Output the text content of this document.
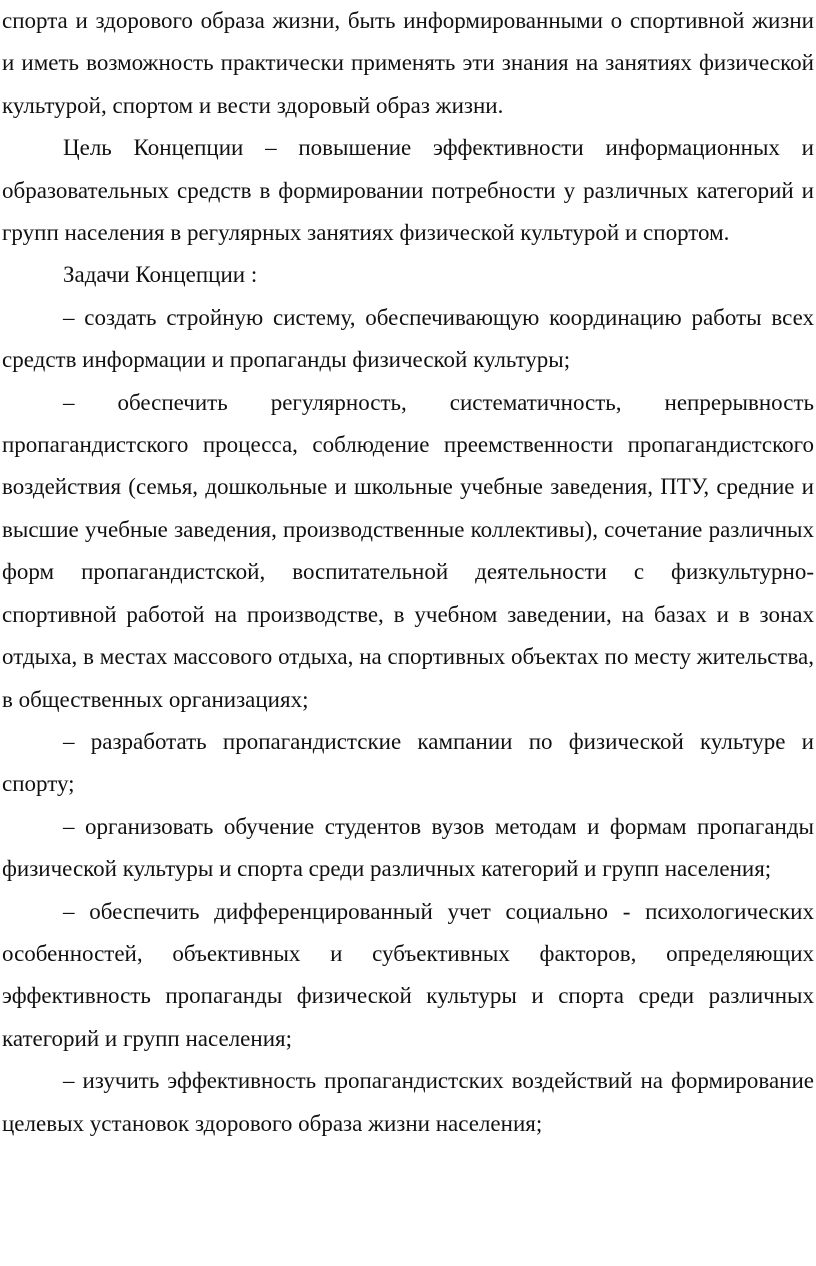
спорта и здорового образа жизни, быть информированными о спортивной жизни и иметь возможность практически применять эти знания на занятиях физической культурой, спортом и вести здоровый образ жизни.

Цель Концепции – повышение эффективности информационных и образовательных средств в формировании потребности у различных категорий и групп населения в регулярных занятиях физической культурой и спортом.

Задачи Концепции :

– создать стройную систему, обеспечивающую координацию работы всех средств информации и пропаганды физической культуры;

– обеспечить регулярность, систематичность, непрерывность пропагандистского процесса, соблюдение преемственности пропагандистского воздействия (семья, дошкольные и школьные учебные заведения, ПТУ, средние и высшие учебные заведения, производственные коллективы), сочетание различных форм пропагандистской, воспитательной деятельности с физкультурно-спортивной работой на производстве, в учебном заведении, на базах и в зонах отдыха, в местах массового отдыха, на спортивных объектах по месту жительства, в общественных организациях;

– разработать пропагандистские кампании по физической культуре и спорту;

– организовать обучение студентов вузов методам и формам пропаганды физической культуры и спорта среди различных категорий и групп населения;

– обеспечить дифференцированный учет социально - психологических особенностей, объективных и субъективных факторов, определяющих эффективность пропаганды физической культуры и спорта среди различных категорий и групп населения;

– изучить эффективность пропагандистских воздействий на формирование целевых установок здорового образа жизни населения;
